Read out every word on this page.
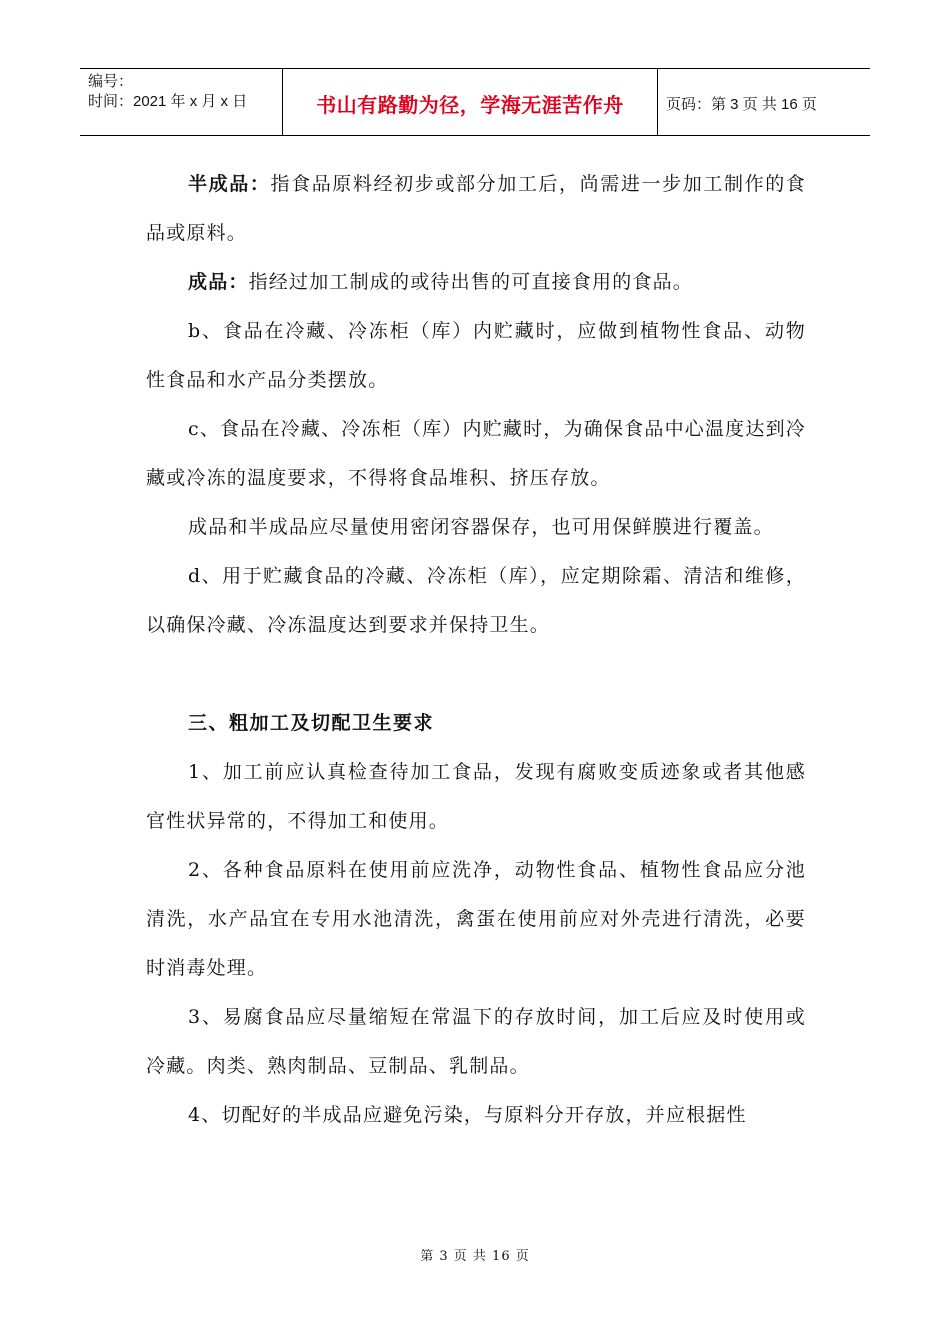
编号：
时间：2021 年 x 月 x 日	书山有路勤为径，学海无涯苦作舟	页码：第 3 页 共 16 页

半成品：指食品原料经初步或部分加工后，尚需进一步加工制作的食品或原料。

成品：指经过加工制成的或待出售的可直接食用的食品。

b、食品在冷藏、冷冻柜（库）内贮藏时，应做到植物性食品、动物性食品和水产品分类摆放。

c、食品在冷藏、冷冻柜（库）内贮藏时，为确保食品中心温度达到冷藏或冷冻的温度要求，不得将食品堆积、挤压存放。

成品和半成品应尽量使用密闭容器保存，也可用保鲜膜进行覆盖。

d、用于贮藏食品的冷藏、冷冻柜（库），应定期除霜、清洁和维修，以确保冷藏、冷冻温度达到要求并保持卫生。

三、粗加工及切配卫生要求

1、加工前应认真检查待加工食品，发现有腐败变质迹象或者其他感官性状异常的，不得加工和使用。

2、各种食品原料在使用前应洗净，动物性食品、植物性食品应分池清洗，水产品宜在专用水池清洗，禽蛋在使用前应对外壳进行清洗，必要时消毒处理。

3、易腐食品应尽量缩短在常温下的存放时间，加工后应及时使用或冷藏。肉类、熟肉制品、豆制品、乳制品。

4、切配好的半成品应避免污染，与原料分开存放，并应根据性

第 3 页 共 16 页
